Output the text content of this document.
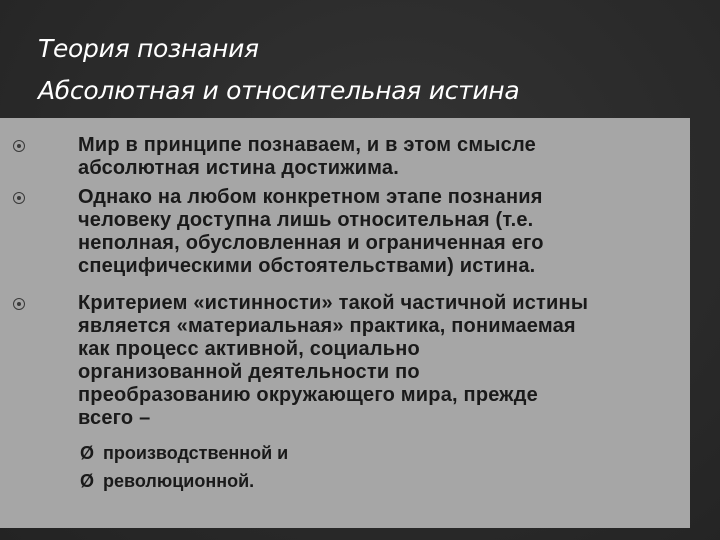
Теория познания
Абсолютная и относительная истина
Мир в принципе познаваем, и в этом смысле
абсолютная истина достижима.
Однако на любом конкретном этапе познания
человеку доступна лишь относительная (т.е.
неполная, обусловленная и ограниченная его
специфическими обстоятельствами) истина.
Критерием «истинности» такой частичной истины
является «материальная» практика, понимаемая
как процесс активной, социально
организованной деятельности по
преобразованию окружающего мира, прежде
всего –
Ø производственной и
Ø революционной.
